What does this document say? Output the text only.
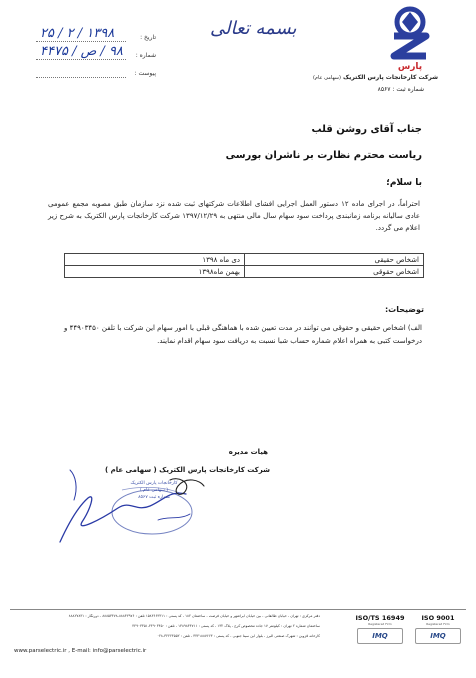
پارس
شرکت کارخانجات پارس الکتریک (سهامی عام)
شماره ثبت : ۸۵۶۷
بسمه تعالی
تاریخ :
۱۳۹۸ / ۲ / ۲۵
شماره :
۹۸ / ص / ۴۴۷۵
پیوست :
جناب آقای روشن قلب
ریاست محترم نظارت بر ناشران بورسی
با سلام؛
احتراماً، در اجرای ماده ۱۲ دستور العمل اجرایی افشای اطلاعات شرکتهای ثبت شده نزد سازمان طبق مصوبه مجمع عمومی عادی سالیانه برنامه زمانبندی پرداخت سود سهام سال مالی منتهی به ۱۳۹۷/۱۲/۲۹ شرکت کارخانجات پارس الکتریک به شرح زیر اعلام می گردد.
اشخاص حقیقی	دی ماه ۱۳۹۸
اشخاص حقوقی	بهمن ماه۱۳۹۸
توضیحات:
الف) اشخاص حقیقی و حقوقی می توانند در مدت تعیین شده با هماهنگی قبلی با امور سهام این شرکت با تلفن ۴۴۹۰۳۴۵۰ و درخواست کتبی به همراه اعلام شماره حساب شبا نسبت به دریافت سود سهام اقدام نمایند.
هیات مدیره
شرکت کارخانجات پارس الکتریک ( سهامی عام )
کارخانجات پارس الکتریک
( سهامی عام )
شماره ثبت ۸۵۶۷
دفتر مرکزی : تهران ، خیابان طالقانی ، بین خیابان ابراشهر و خیابان فرصت ، ساختمان ۱۸۲ ، کد پستی : ۱۵۸۳۶۶۳۳۱۱ تلفن : ۸۸۸۳۲۹۷۶-۸۸۸۵۳۴۷۸ - دورنگار : ۸۸۸۲۷۸۳۱
ساختمان شماره ۲ تهران : کیلومتر ۱۷ جاده مخصوص کرج ، پلاک ۱۳۲ ، کد پستی : ۱۳۸۹۸۳۴۷۱۱ ، تلفن : ۴۴۹۰۳۴۵۰-۴۴۹۰۳۳۵۱
کارخانه قزوین : شهرک صنعتی البرز ، بلوار ابن سینا جنوبی ، کد پستی : ۳۴۴۱۸۸۷۶۶۳ ، تلفن : ۳۲۲۲۴۵۵۲-۰۲۸
www.parselectric.ir , E-mail: info@parselectric.ir
ISO/TS 16949
Registered Firm
IMQ
ISO 9001
Registered Firm
IMQ
